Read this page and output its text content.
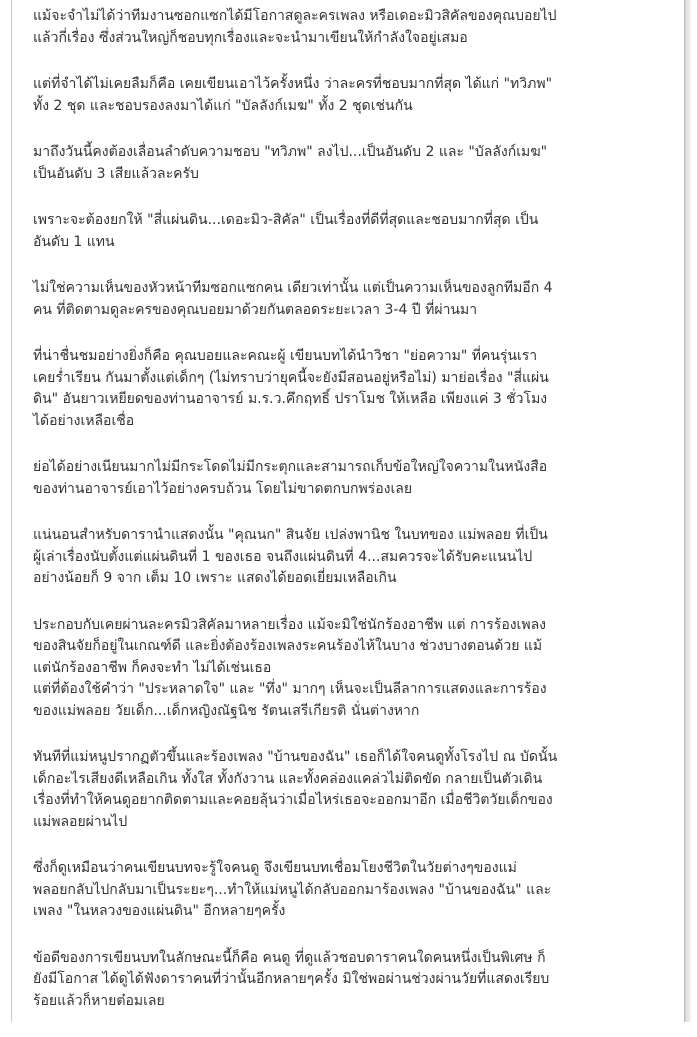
แม้จะจำไม่ได้ว่าทีมงานซอกแซกได้มีโอกาสดูละครเพลง หรือเดอะมิวสิคัลของคุณบอยไป
แล้วกี่เรื่อง ซึ่งส่วนใหญ่ก็ชอบทุกเรื่องและจะนำมาเขียนให้กำลังใจอยู่เสมอ

แต่ที่จำได้ไม่เคยลืมก็คือ เคยเขียนเอาไว้ครั้งหนึ่ง ว่าละครที่ชอบมากที่สุด ได้แก่ "ทวิภพ"
ทั้ง 2 ชุด และชอบรองลงมาได้แก่ "บัลลังก์เมฆ" ทั้ง 2 ชุดเช่นกัน

มาถึงวันนี้คงต้องเลื่อนลำดับความชอบ "ทวิภพ" ลงไป...เป็นอันดับ 2 และ "บัลลังก์เมฆ"
เป็นอันดับ 3 เสียแล้วละครับ

เพราะจะต้องยกให้ "สี่แผ่นดิน...เดอะมิว-สิคัล" เป็นเรื่องที่ดีที่สุดและชอบมากที่สุด เป็น
อันดับ 1 แทน

ไม่ใช่ความเห็นของหัวหน้าทีมซอกแซกคน เดียวเท่านั้น แต่เป็นความเห็นของลูกทีมอีก 4
คน ที่ติดตามดูละครของคุณบอยมาด้วยกันตลอดระยะเวลา 3-4 ปี ที่ผ่านมา

ที่น่าชื่นชมอย่างยิ่งก็คือ คุณบอยและคณะผู้ เขียนบทได้นำวิชา "ย่อความ" ที่คนรุ่นเรา
เคยร่ำเรียน กันมาตั้งแต่เด็กๆ (ไม่ทราบว่ายุคนี้จะยังมีสอนอยู่หรือไม่) มาย่อเรื่อง "สี่แผ่น
ดิน" อันยาวเหยียดของท่านอาจารย์ ม.ร.ว.คึกฤทธิ์ ปราโมช ให้เหลือ เพียงแค่ 3 ชั่วโมง
ได้อย่างเหลือเชื่อ

ย่อได้อย่างเนียนมากไม่มีกระโดดไม่มีกระตุกและสามารถเก็บข้อใหญ่ใจความในหนังสือ
ของท่านอาจารย์เอาไว้อย่างครบถ้วน โดยไม่ขาดตกบกพร่องเลย

แน่นอนสำหรับดารานำแสดงนั้น "คุณนก" สินจัย เปล่งพานิช ในบทของ แม่พลอย ที่เป็น
ผู้เล่าเรื่องนับตั้งแต่แผ่นดินที่ 1 ของเธอ จนถึงแผ่นดินที่ 4...สมควรจะได้รับคะแนนไป
อย่างน้อยก็ 9 จาก เต็ม 10 เพราะ แสดงได้ยอดเยี่ยมเหลือเกิน

ประกอบกับเคยผ่านละครมิวสิคัลมาหลายเรื่อง แม้จะมิใช่นักร้องอาชีพ แต่ การร้องเพลง
ของสินจัยก็อยู่ในเกณฑ์ดี และยิ่งต้องร้องเพลงระคนร้องไห้ในบาง ช่วงบางตอนด้วย แม้
แต่นักร้องอาชีพ ก็คงจะทำ ไม่ได้เช่นเธอ
แต่ที่ต้องใช้คำว่า "ประหลาดใจ" และ "ทึ่ง" มากๆ เห็นจะเป็นลีลาการแสดงและการร้อง
ของแม่พลอย วัยเด็ก...เด็กหญิงณัฐนิช รัตนเสรีเกียรติ นั่นต่างหาก

ทันทีที่แม่หนูปรากฏตัวขึ้นและร้องเพลง "บ้านของฉัน" เธอก็ได้ใจคนดูทั้งโรงไป ณ บัดนั้น
เด็กอะไรเสียงดีเหลือเกิน ทั้งใส ทั้งกังวาน และทั้งคล่องแคล่วไม่ติดขัด กลายเป็นตัวเดิน
เรื่องที่ทำให้คนดูอยากติดตามและคอยลุ้นว่าเมื่อไหร่เธอจะออกมาอีก เมื่อชีวิตวัยเด็กของ
แม่พลอยผ่านไป

ซึ่งก็ดูเหมือนว่าคนเขียนบทจะรู้ใจคนดู จึงเขียนบทเชื่อมโยงชีวิตในวัยต่างๆของแม่
พลอยกลับไปกลับมาเป็นระยะๆ...ทำให้แม่หนูได้กลับออกมาร้องเพลง "บ้านของฉัน" และ
เพลง "ในหลวงของแผ่นดิน" อีกหลายๆครั้ง

ข้อดีของการเขียนบทในลักษณะนี้ก็คือ คนดู ที่ดูแล้วชอบดาราคนใดคนหนึ่งเป็นพิเศษ ก็
ยังมีโอกาส ได้ดูได้ฟังดาราคนที่ว่านั้นอีกหลายๆครั้ง มิใช่พอผ่านช่วงผ่านวัยที่แสดงเรียบ
ร้อยแล้วก็หายต๋อมเลย
